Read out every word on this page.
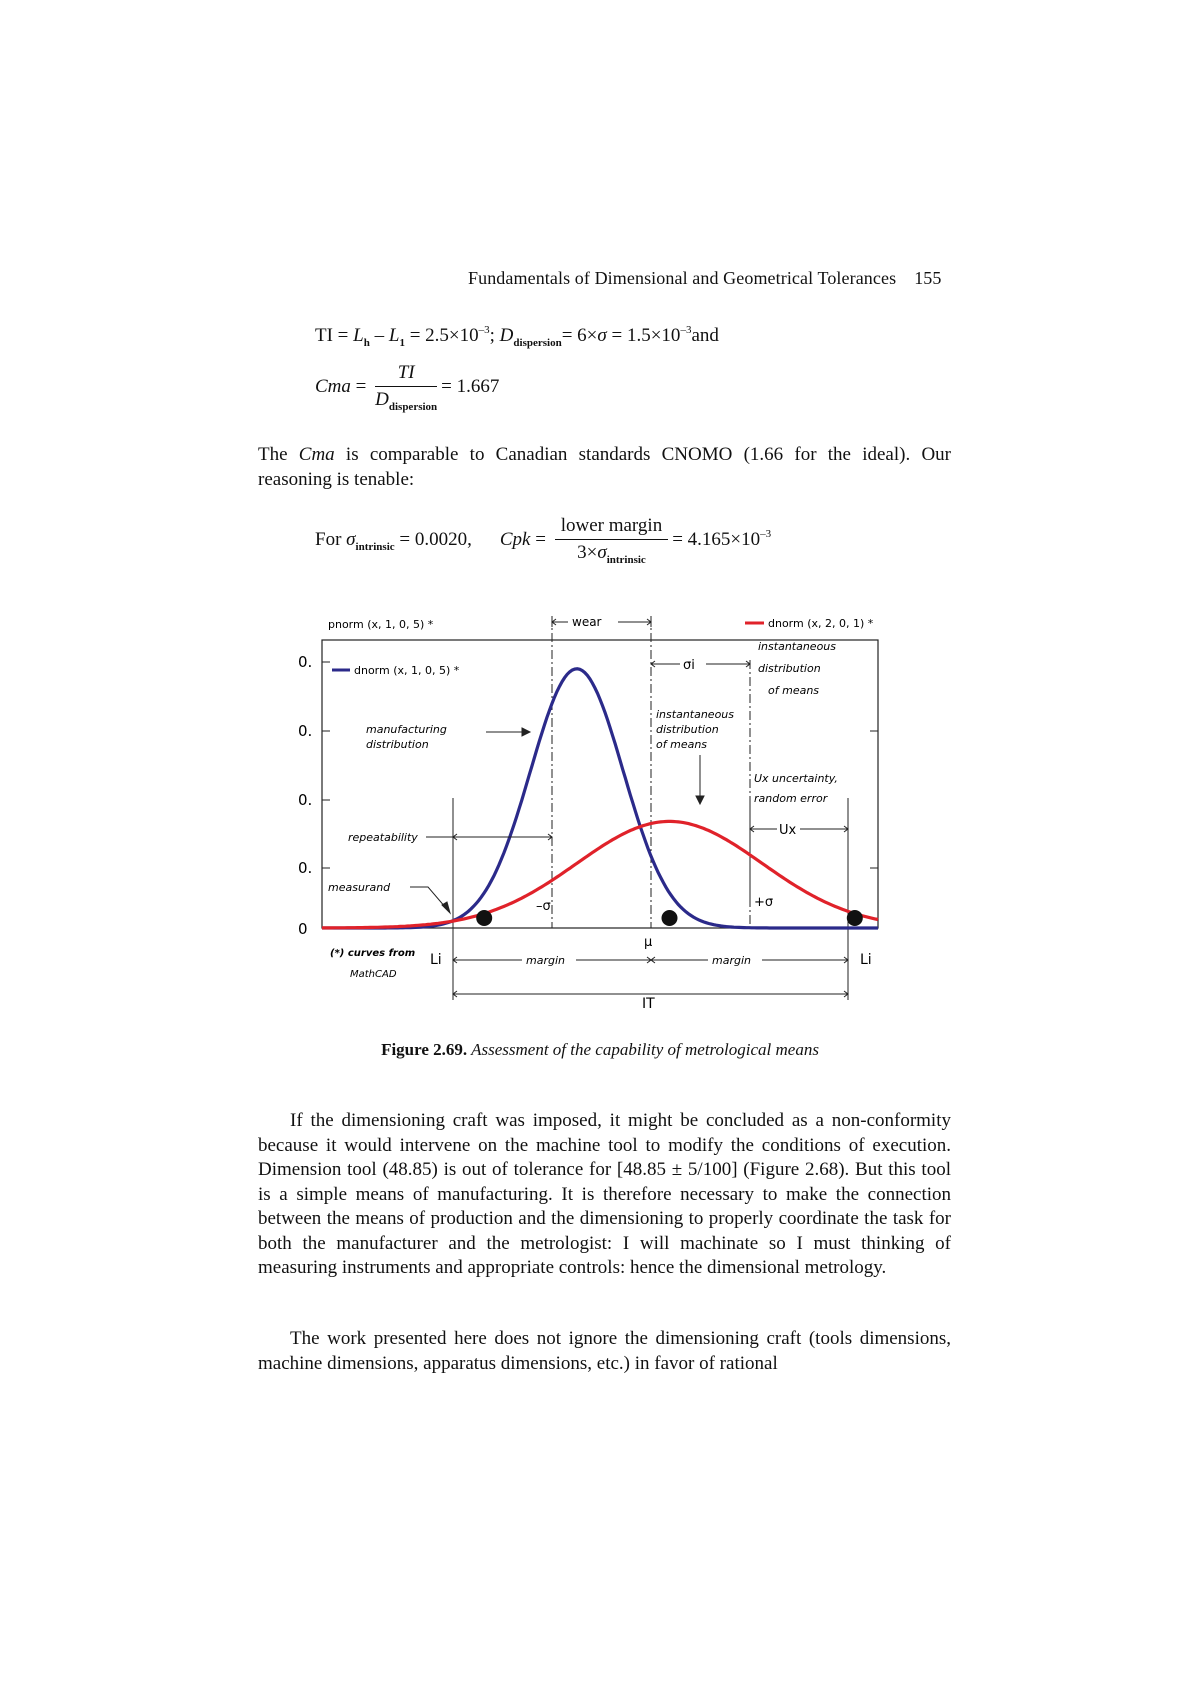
Fundamentals of Dimensional and Geometrical Tolerances 155
TI = $L_h - L_1 = 2.5\times 10^{-3}$; $D_{dispersion}= 6\times\sigma = 1.5\times 10^{-3}and$
Cma = $\frac{TI}{D_{dispersion}} = 1.667$
The Cma is comparable to Canadian standards CNOMO (1.66 for the ideal). Our reasoning is tenable:
For $\sigma_{intrinsic} = 0.0020$, Cpk = $\frac{\text{lower margin}}{3\times\sigma_{intrinsic}} = 4.165\times 10^{-3}$
0.
0.
0.
0.
0
pnorm (x, 1, 0, 5) *
dnorm (x, 1, 0, 5) *
dnorm (x, 2, 0, 1) *
wear
σi
instantaneous
distribution
of means
manufacturing
distribution
instantaneous
distribution
of means
Ux uncertainty,
random error
Ux
repeatability
measurand
–σ	+σ
μ
(*) curves from
MathCAD
Li	Li
margin	margin
IT
Figure 2.69. Assessment of the capability of metrological means
If the dimensioning craft was imposed, it might be concluded as a non-conformity because it would intervene on the machine tool to modify the conditions of execution. Dimension tool (48.85) is out of tolerance for [48.85 ± 5/100] (Figure 2.68). But this tool is a simple means of manufacturing. It is therefore necessary to make the connection between the means of production and the dimensioning to properly coordinate the task for both the manufacturer and the metrologist: I will machinate so I must thinking of measuring instruments and appropriate controls: hence the dimensional metrology.
The work presented here does not ignore the dimensioning craft (tools dimensions, machine dimensions, apparatus dimensions, etc.) in favor of rational
